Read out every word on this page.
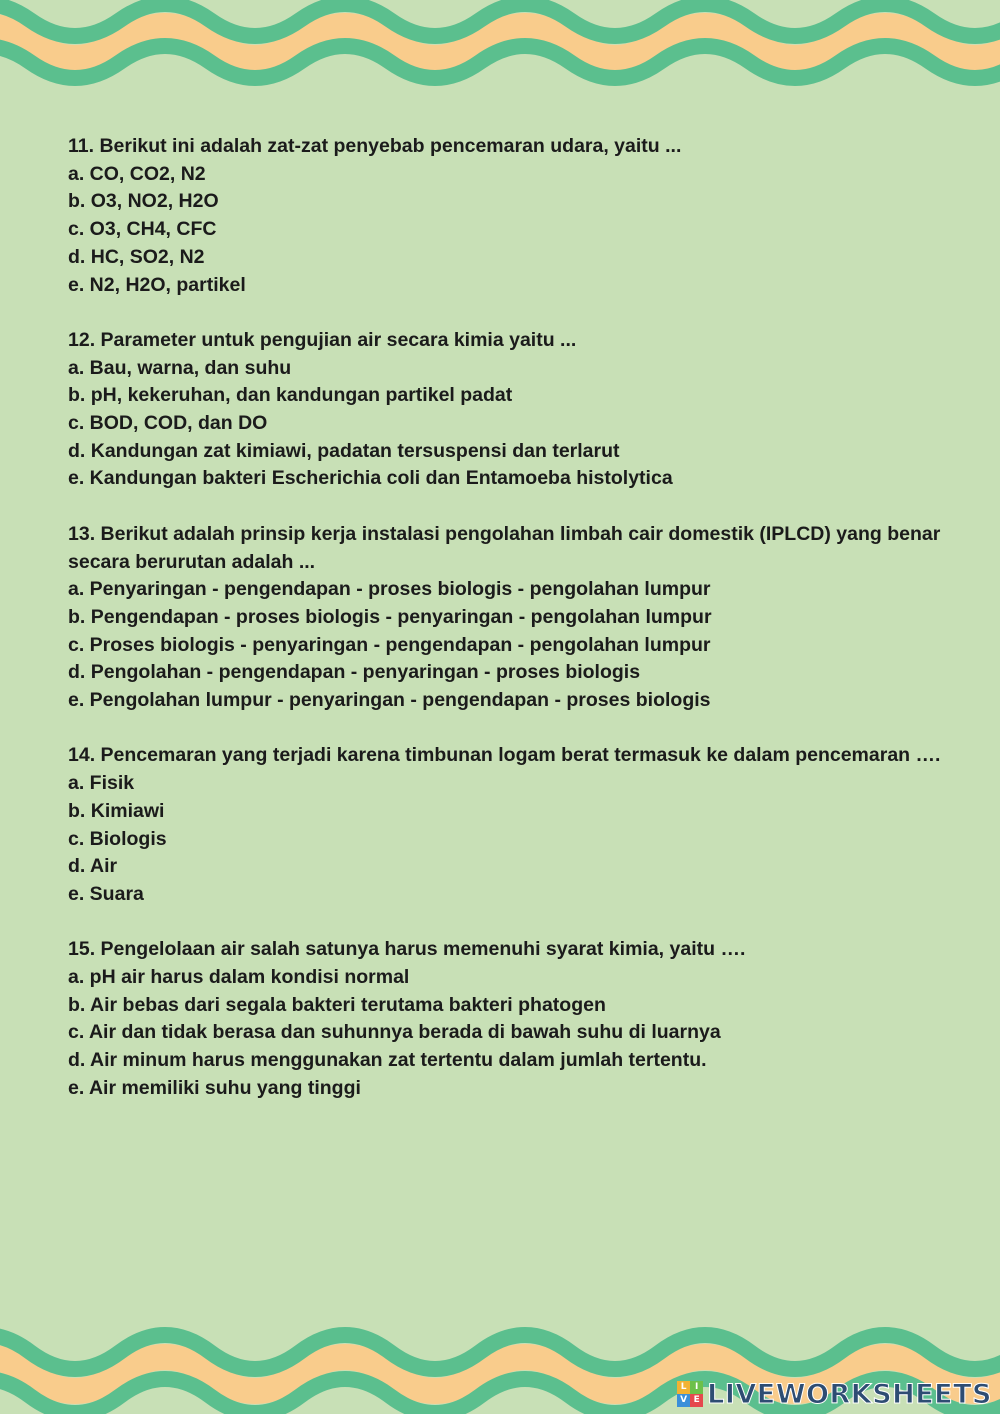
11. Berikut ini adalah zat-zat penyebab pencemaran udara, yaitu ...
a. CO, CO2, N2
b. O3, NO2, H2O
c. O3, CH4, CFC
d. HC, SO2, N2
e. N2, H2O, partikel
12. Parameter untuk pengujian air secara kimia yaitu ...
a. Bau, warna, dan suhu
b. pH, kekeruhan, dan kandungan partikel padat
c. BOD, COD, dan DO
d. Kandungan zat kimiawi, padatan tersuspensi dan terlarut
e. Kandungan bakteri Escherichia coli dan Entamoeba histolytica
13. Berikut adalah prinsip kerja instalasi pengolahan limbah cair domestik (IPLCD) yang benar secara berurutan adalah ...
a. Penyaringan - pengendapan - proses biologis - pengolahan lumpur
b. Pengendapan - proses biologis - penyaringan - pengolahan lumpur
c. Proses biologis - penyaringan - pengendapan - pengolahan lumpur
d. Pengolahan - pengendapan - penyaringan - proses biologis
e. Pengolahan lumpur - penyaringan - pengendapan - proses biologis
14. Pencemaran yang terjadi karena timbunan logam berat termasuk ke dalam pencemaran ….
a. Fisik
b. Kimiawi
c. Biologis
d. Air
e. Suara
15. Pengelolaan air salah satunya harus memenuhi syarat kimia, yaitu ….
a. pH air harus dalam kondisi normal
b. Air bebas dari segala bakteri terutama bakteri phatogen
c. Air dan tidak berasa dan suhunnya berada di bawah suhu di luarnya
d. Air minum harus menggunakan zat tertentu dalam jumlah tertentu.
e. Air memiliki suhu yang tinggi
L I
V E LIVEWORKSHEETS
